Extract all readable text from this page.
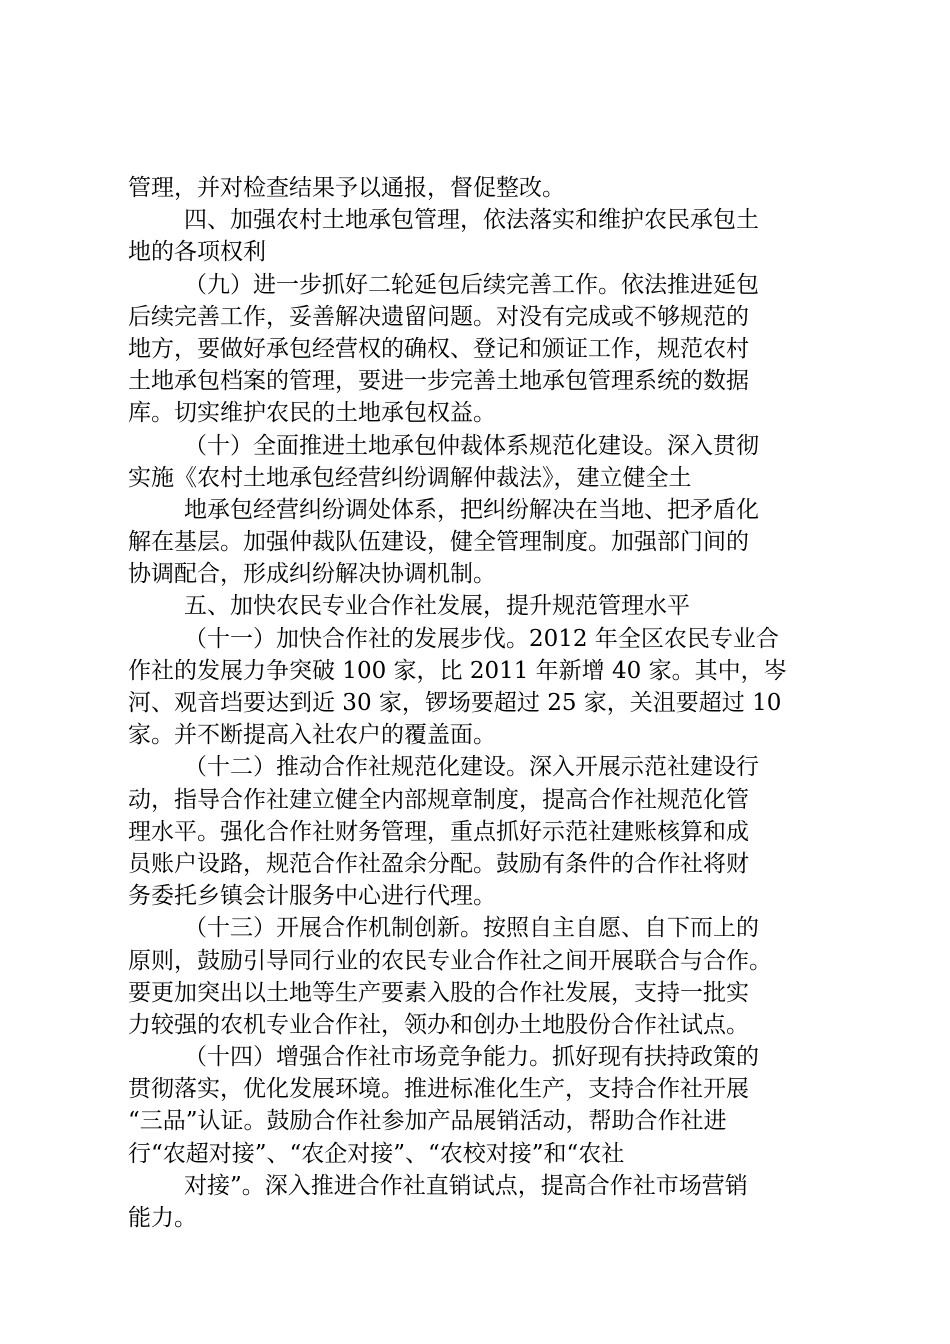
管理，并对检查结果予以通报，督促整改。
四、加强农村土地承包管理，依法落实和维护农民承包土
地的各项权利
（九）进一步抓好二轮延包后续完善工作。依法推进延包
后续完善工作，妥善解决遗留问题。对没有完成或不够规范的
地方，要做好承包经营权的确权、登记和颁证工作，规范农村
土地承包档案的管理，要进一步完善土地承包管理系统的数据
库。切实维护农民的土地承包权益。
（十）全面推进土地承包仲裁体系规范化建设。深入贯彻
实施《农村土地承包经营纠纷调解仲裁法》，建立健全土
地承包经营纠纷调处体系，把纠纷解决在当地、把矛盾化
解在基层。加强仲裁队伍建设，健全管理制度。加强部门间的
协调配合，形成纠纷解决协调机制。
五、加快农民专业合作社发展，提升规范管理水平
（十一）加快合作社的发展步伐。2012 年全区农民专业合
作社的发展力争突破 100 家，比 2011 年新增 40 家。其中，岑
河、观音垱要达到近 30 家，锣场要超过 25 家，关沮要超过 10
家。并不断提高入社农户的覆盖面。
（十二）推动合作社规范化建设。深入开展示范社建设行
动，指导合作社建立健全内部规章制度，提高合作社规范化管
理水平。强化合作社财务管理，重点抓好示范社建账核算和成
员账户设路，规范合作社盈余分配。鼓励有条件的合作社将财
务委托乡镇会计服务中心进行代理。
（十三）开展合作机制创新。按照自主自愿、自下而上的
原则，鼓励引导同行业的农民专业合作社之间开展联合与合作。
要更加突出以土地等生产要素入股的合作社发展，支持一批实
力较强的农机专业合作社，领办和创办土地股份合作社试点。
（十四）增强合作社市场竞争能力。抓好现有扶持政策的
贯彻落实，优化发展环境。推进标准化生产，支持合作社开展
“三品”认证。鼓励合作社参加产品展销活动，帮助合作社进
行“农超对接”、“农企对接”、“农校对接”和“农社
对接”。深入推进合作社直销试点，提高合作社市场营销
能力。
